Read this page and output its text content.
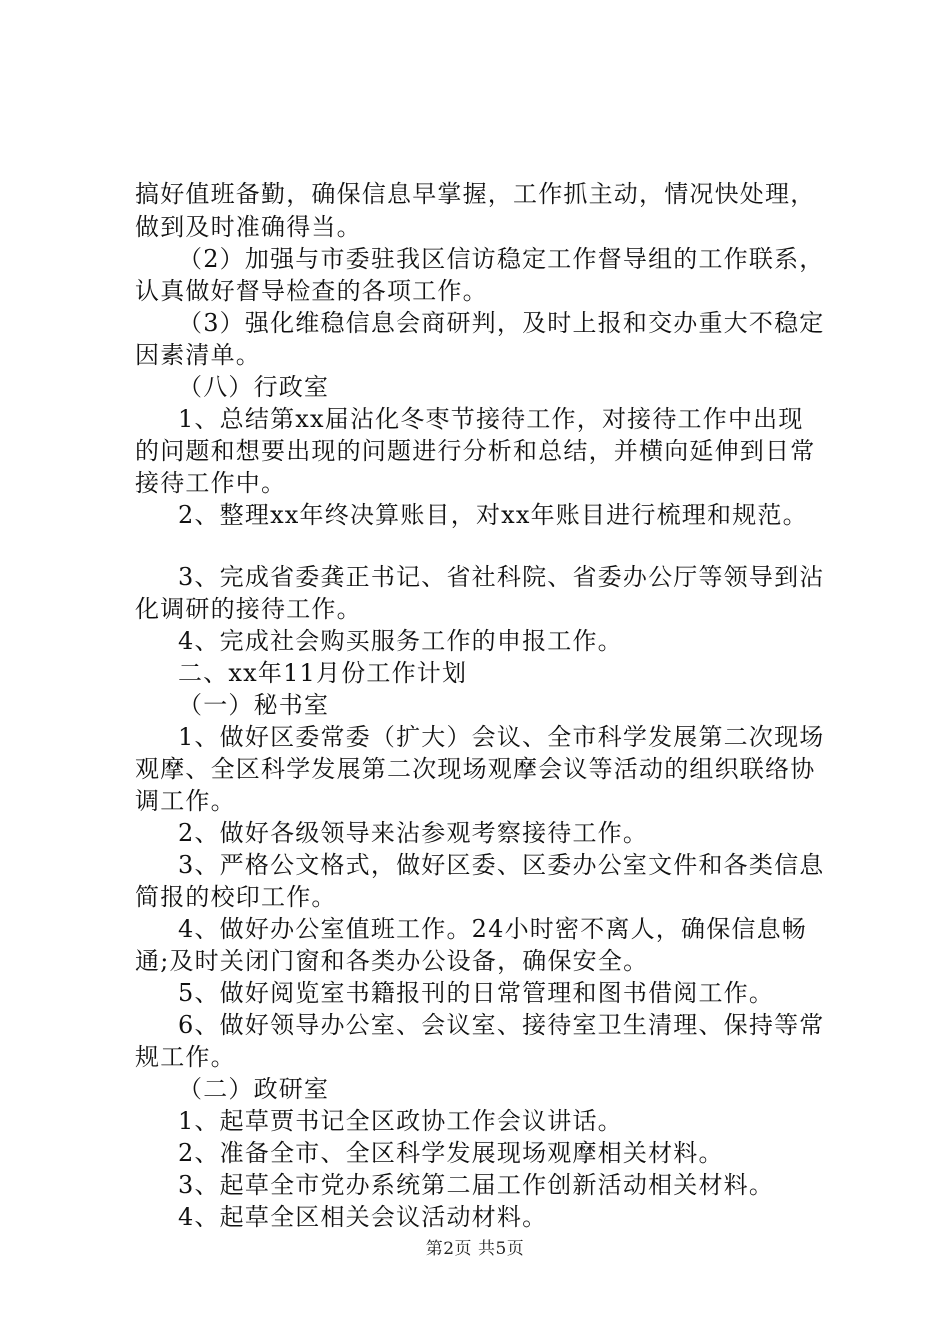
搞好值班备勤，确保信息早掌握，工作抓主动，情况快处理，
做到及时准确得当。
（2）加强与市委驻我区信访稳定工作督导组的工作联系，
认真做好督导检查的各项工作。
（3）强化维稳信息会商研判，及时上报和交办重大不稳定
因素清单。
（八）行政室
1、总结第xx届沾化冬枣节接待工作，对接待工作中出现
的问题和想要出现的问题进行分析和总结，并横向延伸到日常
接待工作中。
2、整理xx年终决算账目，对xx年账目进行梳理和规范。
3、完成省委龚正书记、省社科院、省委办公厅等领导到沾
化调研的接待工作。
4、完成社会购买服务工作的申报工作。
二、xx年11月份工作计划
（一）秘书室
1、做好区委常委（扩大）会议、全市科学发展第二次现场
观摩、全区科学发展第二次现场观摩会议等活动的组织联络协
调工作。
2、做好各级领导来沾参观考察接待工作。
3、严格公文格式，做好区委、区委办公室文件和各类信息
简报的校印工作。
4、做好办公室值班工作。24小时密不离人，确保信息畅
通;及时关闭门窗和各类办公设备，确保安全。
5、做好阅览室书籍报刊的日常管理和图书借阅工作。
6、做好领导办公室、会议室、接待室卫生清理、保持等常
规工作。
（二）政研室
1、起草贾书记全区政协工作会议讲话。
2、准备全市、全区科学发展现场观摩相关材料。
3、起草全市党办系统第二届工作创新活动相关材料。
4、起草全区相关会议活动材料。
第2页 共5页
